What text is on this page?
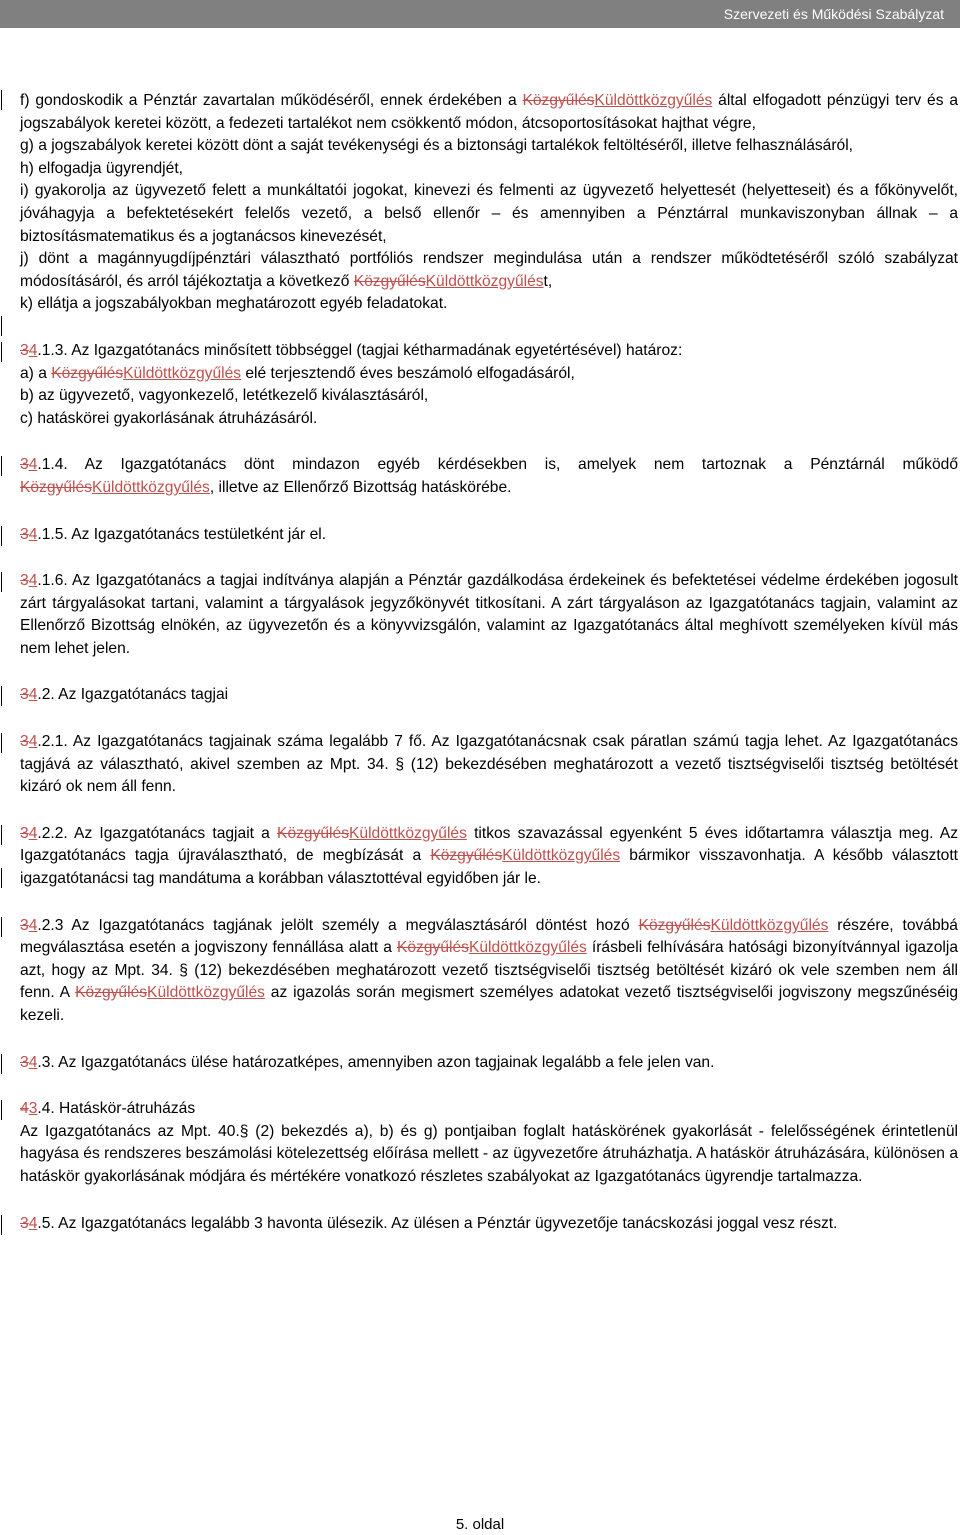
Szervezeti és Működési Szabályzat

f) gondoskodik a Pénztár zavartalan működéséről, ennek érdekében a KözgyűlésKüldöttközgyűlés által elfogadott pénzügyi terv és a jogszabályok keretei között, a fedezeti tartalékot nem csökkentő módon, átcsoportosításokat hajthat végre,

g) a jogszabályok keretei között dönt a saját tevékenységi és a biztonsági tartalékok feltöltéséről, illetve felhasználásáról,

h) elfogadja ügyrendjét,

i) gyakorolja az ügyvezető felett a munkáltatói jogokat, kinevezi és felmenti az ügyvezető helyettesét (helyetteseit) és a főkönyvelőt, jóváhagyja a befektetésekért felelős vezető, a belső ellenőr – és amennyiben a Pénztárral munkaviszonyban állnak – a biztosításmatematikus és a jogtanácsos kinevezését,

j) dönt a magánnyugdíjpénztári választható portfóliós rendszer megindulása után a rendszer működtetéséről szóló szabályzat módosításáról, és arról tájékoztatja a következő KözgyűlésKüldöttközgyűlést,

k) ellátja a jogszabályokban meghatározott egyéb feladatokat.

34.1.3. Az Igazgatótanács minősített többséggel (tagjai kétharmadának egyetértésével) határoz:

a) a KözgyűlésKüldöttközgyűlés elé terjesztendő éves beszámoló elfogadásáról,

b) az ügyvezető, vagyonkezelő, letétkezelő kiválasztásáról,

c) hatáskörei gyakorlásának átruházásáról.

34.1.4. Az Igazgatótanács dönt mindazon egyéb kérdésekben is, amelyek nem tartoznak a Pénztárnál működő KözgyűlésKüldöttközgyűlés, illetve az Ellenőrző Bizottság hatáskörébe.

34.1.5. Az Igazgatótanács testületként jár el.

34.1.6. Az Igazgatótanács a tagjai indítványa alapján a Pénztár gazdálkodása érdekeinek és befektetései védelme érdekében jogosult zárt tárgyalásokat tartani, valamint a tárgyalások jegyzőkönyvét titkosítani. A zárt tárgyaláson az Igazgatótanács tagjain, valamint az Ellenőrző Bizottság elnökén, az ügyvezetőn és a könyvvizsgálón, valamint az Igazgatótanács által meghívott személyeken kívül más nem lehet jelen.

34.2. Az Igazgatótanács tagjai

34.2.1. Az Igazgatótanács tagjainak száma legalább 7 fő. Az Igazgatótanácsnak csak páratlan számú tagja lehet. Az Igazgatótanács tagjává az választható, akivel szemben az Mpt. 34. § (12) bekezdésében meghatározott a vezető tisztségviselői tisztség betöltését kizáró ok nem áll fenn.

34.2.2. Az Igazgatótanács tagjait a KözgyűlésKüldöttközgyűlés titkos szavazással egyenként 5 éves időtartamra választja meg. Az Igazgatótanács tagja újraválasztható, de megbízását a KözgyűlésKüldöttközgyűlés bármikor visszavonhatja. A később választott igazgatótanácsi tag mandátuma a korábban választottéval egyidőben jár le.

34.2.3 Az Igazgatótanács tagjának jelölt személy a megválasztásáról döntést hozó KözgyűlésKüldöttközgyűlés részére, továbbá megválasztása esetén a jogviszony fennállása alatt a KözgyűlésKüldöttközgyűlés írásbeli felhívására hatósági bizonyítvánnyal igazolja azt, hogy az Mpt. 34. § (12) bekezdésében meghatározott vezető tisztségviselői tisztség betöltését kizáró ok vele szemben nem áll fenn. A KözgyűlésKüldöttközgyűlés az igazolás során megismert személyes adatokat vezető tisztségviselői jogviszony megszűnéséig kezeli.

34.3. Az Igazgatótanács ülése határozatképes, amennyiben azon tagjainak legalább a fele jelen van.

43.4. Hatáskör-átruházás

Az Igazgatótanács az Mpt. 40.§ (2) bekezdés a), b) és g) pontjaiban foglalt hatáskörének gyakorlását - felelősségének érintetlenül hagyása és rendszeres beszámolási kötelezettség előírása mellett - az ügyvezetőre átruházhatja. A hatáskör átruházására, különösen a hatáskör gyakorlásának módjára és mértékére vonatkozó részletes szabályokat az Igazgatótanács ügyrendje tartalmazza.

34.5. Az Igazgatótanács legalább 3 havonta ülésezik. Az ülésen a Pénztár ügyvezetője tanácskozási joggal vesz részt.

5. oldal
